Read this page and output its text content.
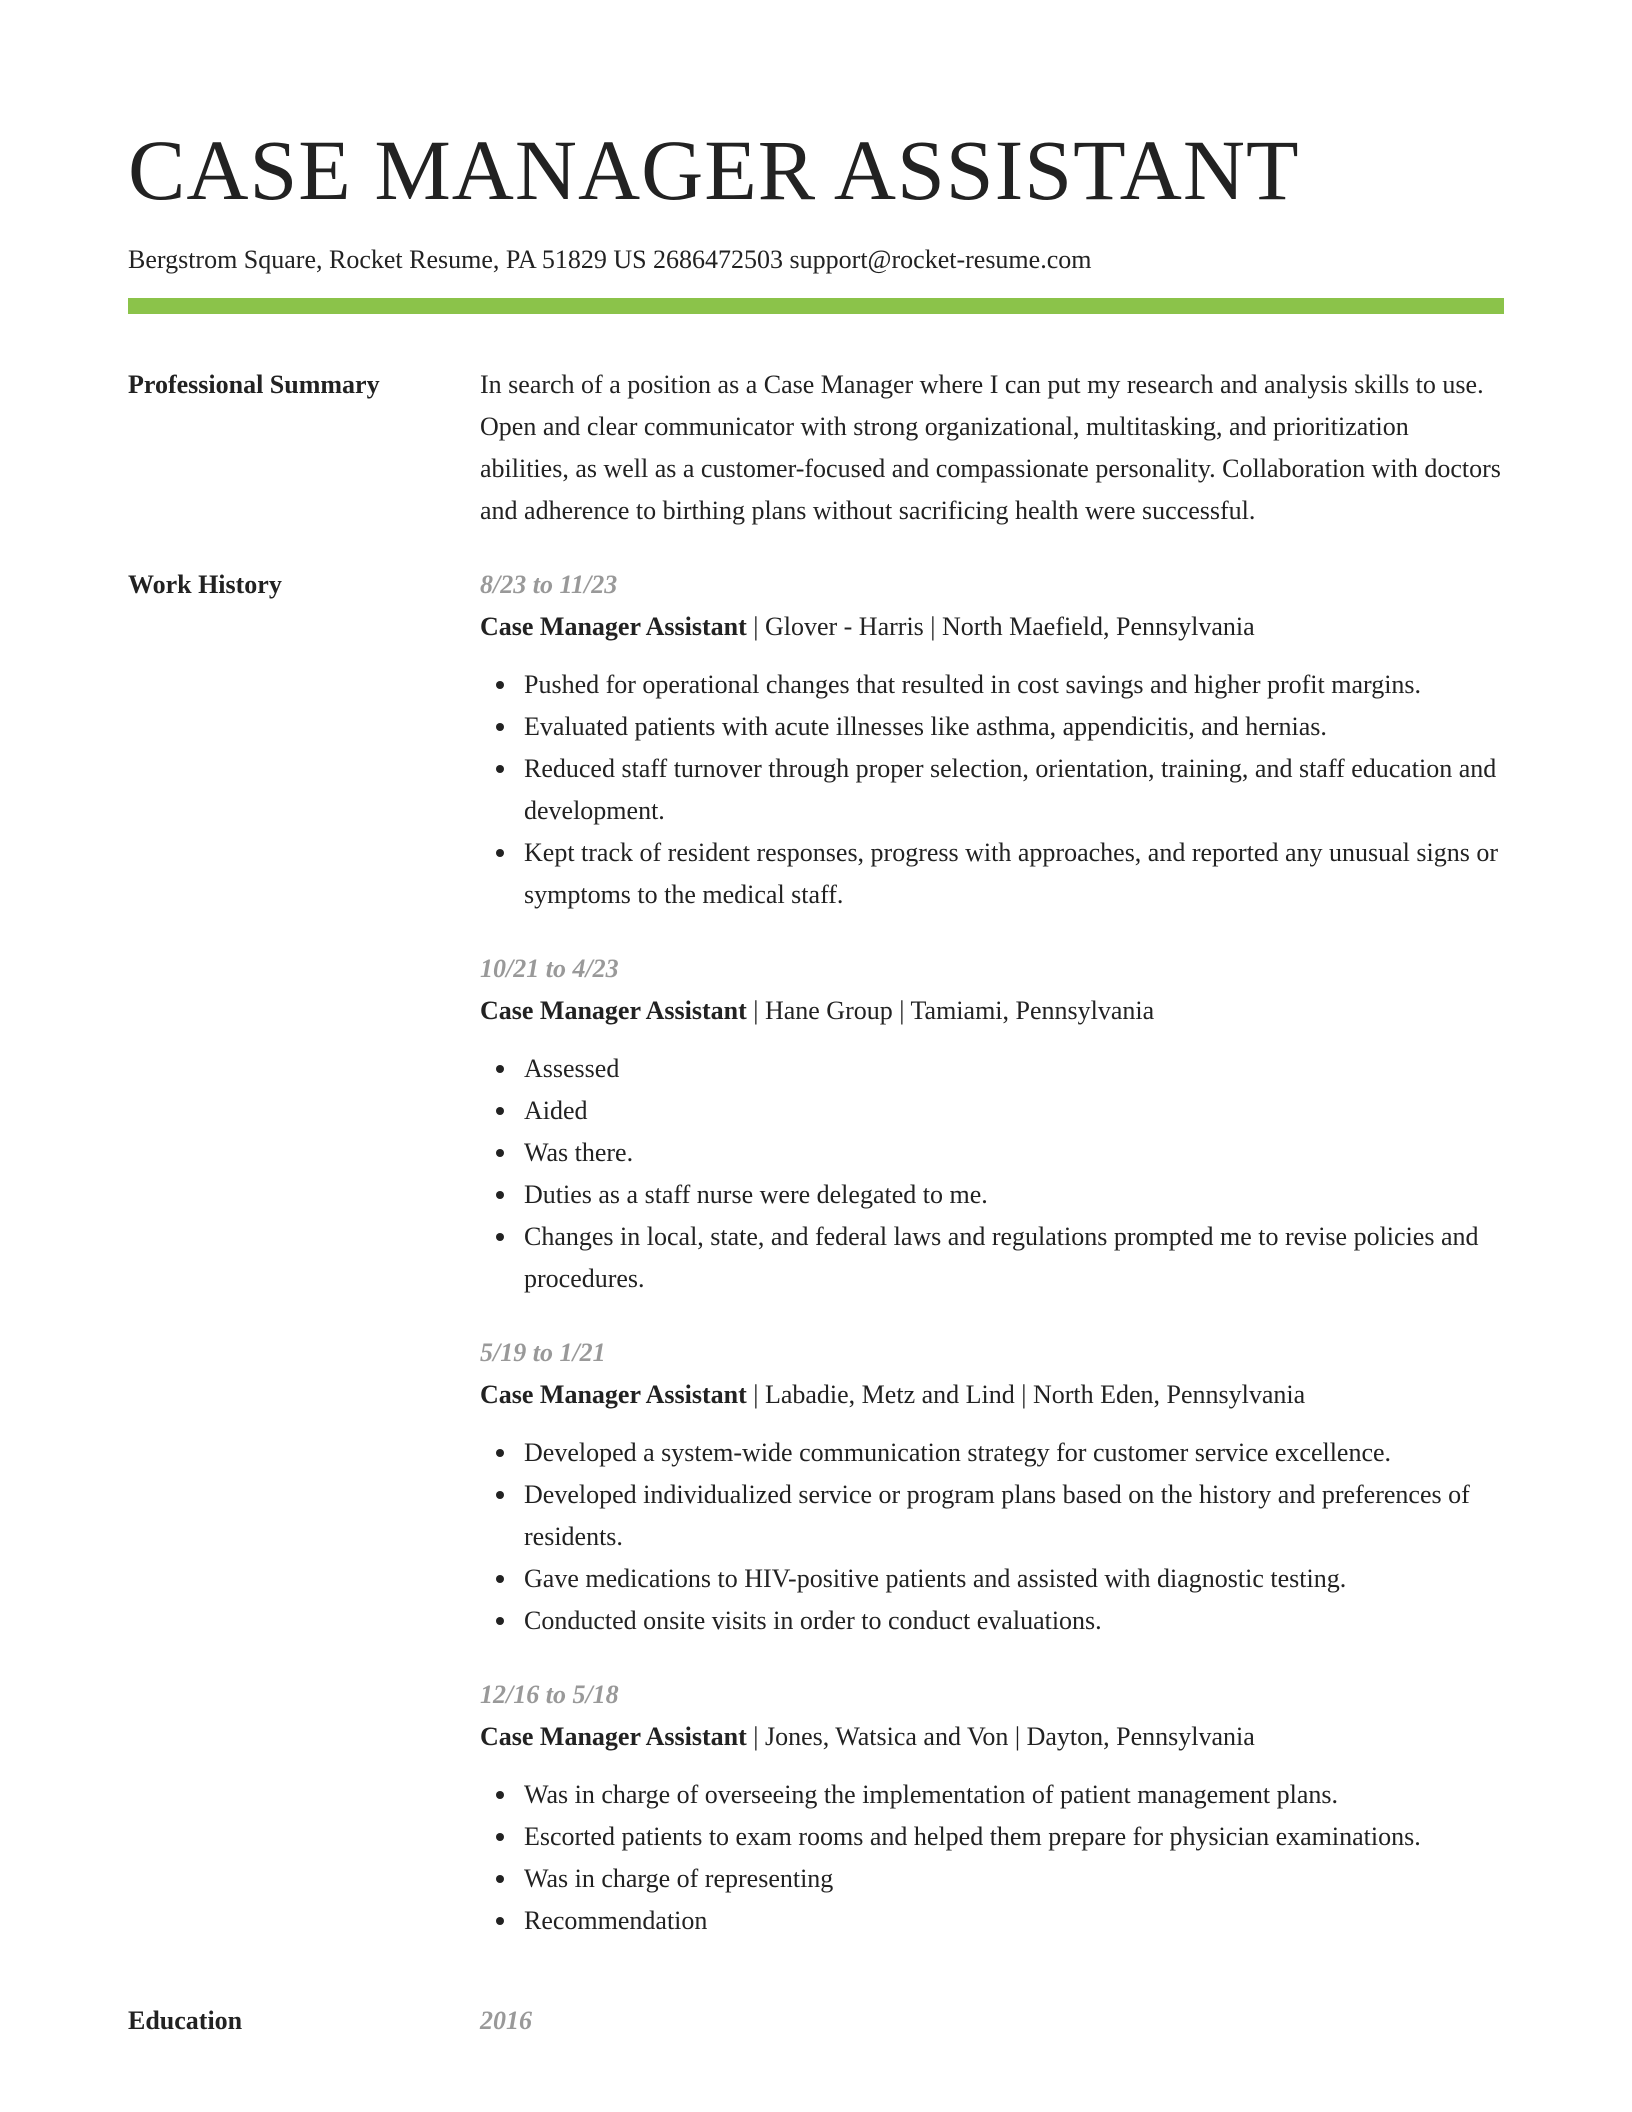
CASE MANAGER ASSISTANT
Bergstrom Square, Rocket Resume, PA 51829 US 2686472503 support@rocket-resume.com
Professional Summary	In search of a position as a Case Manager where I can put my research and analysis skills to use. Open and clear communicator with strong organizational, multitasking, and prioritization abilities, as well as a customer-focused and compassionate personality. Collaboration with doctors and adherence to birthing plans without sacrificing health were successful.

Work History	8/23 to 11/23
Case Manager Assistant | Glover - Harris | North Maefield, Pennsylvania
Pushed for operational changes that resulted in cost savings and higher profit margins.
Evaluated patients with acute illnesses like asthma, appendicitis, and hernias.
Reduced staff turnover through proper selection, orientation, training, and staff education and development.
Kept track of resident responses, progress with approaches, and reported any unusual signs or symptoms to the medical staff.
10/21 to 4/23
Case Manager Assistant | Hane Group | Tamiami, Pennsylvania
Assessed
Aided
Was there.
Duties as a staff nurse were delegated to me.
Changes in local, state, and federal laws and regulations prompted me to revise policies and procedures.
5/19 to 1/21
Case Manager Assistant | Labadie, Metz and Lind | North Eden, Pennsylvania
Developed a system-wide communication strategy for customer service excellence.
Developed individualized service or program plans based on the history and preferences of residents.
Gave medications to HIV-positive patients and assisted with diagnostic testing.
Conducted onsite visits in order to conduct evaluations.
12/16 to 5/18
Case Manager Assistant | Jones, Watsica and Von | Dayton, Pennsylvania
Was in charge of overseeing the implementation of patient management plans.
Escorted patients to exam rooms and helped them prepare for physician examinations.
Was in charge of representing
Recommendation
Education	2016
